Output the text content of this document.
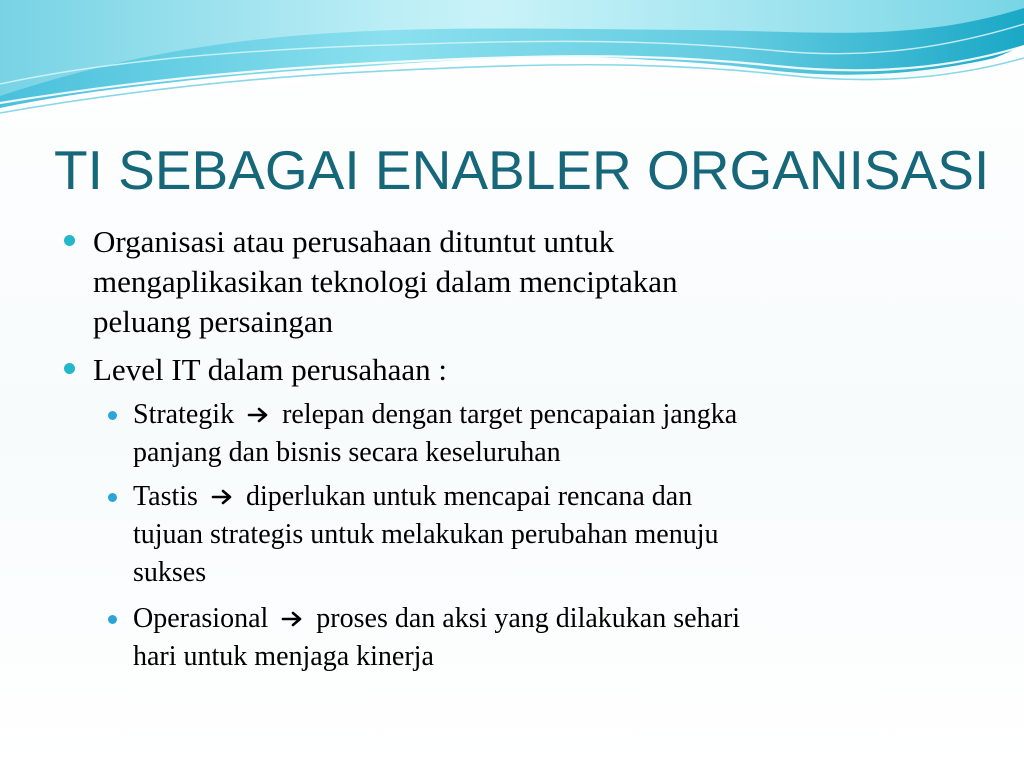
TI SEBAGAI ENABLER ORGANISASI
Organisasi atau perusahaan dituntut untuk
mengaplikasikan teknologi dalam menciptakan
peluang persaingan
Level IT dalam perusahaan :
Strategik relepan dengan target pencapaian jangka
panjang dan bisnis secara keseluruhan
Tastis diperlukan untuk mencapai rencana dan
tujuan strategis untuk melakukan perubahan menuju
sukses
Operasional proses dan aksi yang dilakukan sehari
hari untuk menjaga kinerja
